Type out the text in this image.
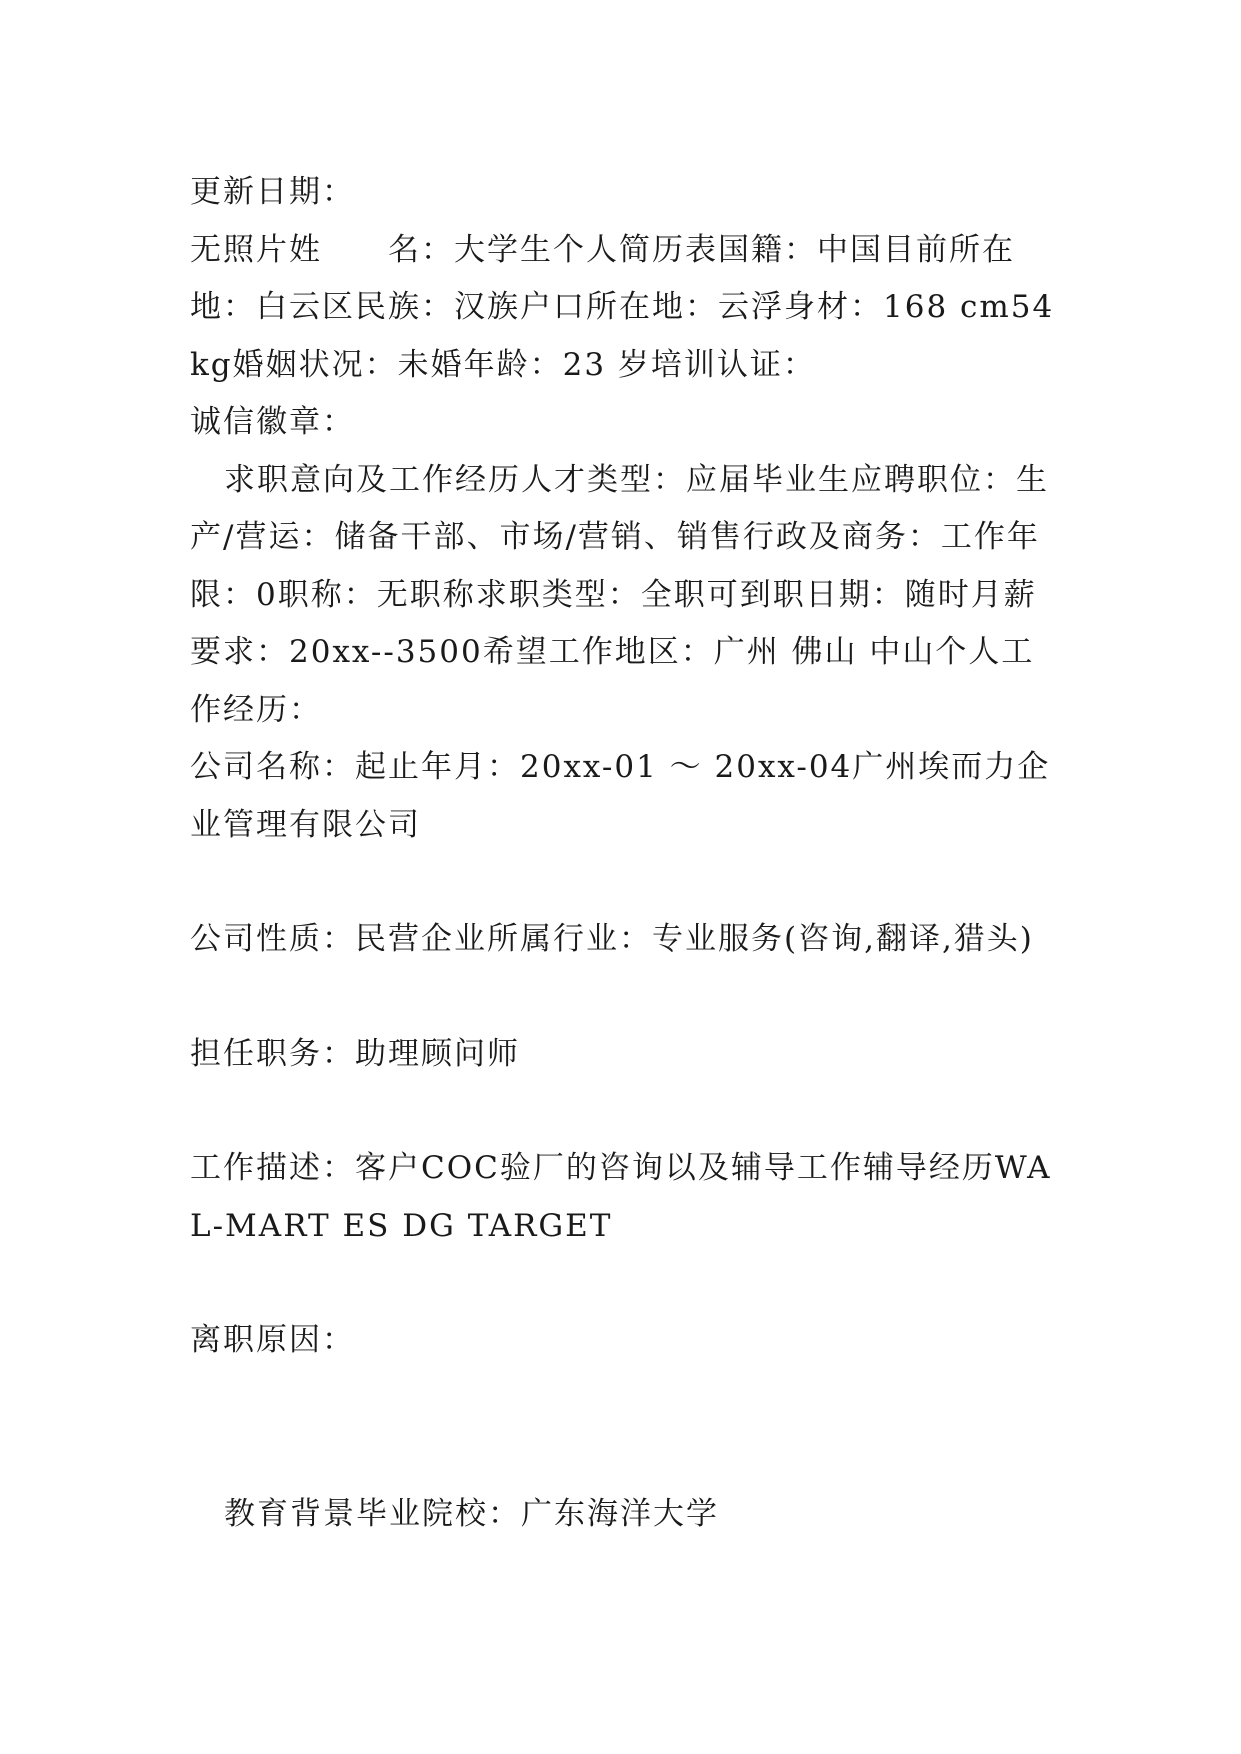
更新日期：

无照片姓　　名：大学生个人简历表国籍：中国目前所在地：白云区民族：汉族户口所在地：云浮身材：168 cm54 kg婚姻状况：未婚年龄：23 岁培训认证：

诚信徽章：

求职意向及工作经历人才类型：应届毕业生应聘职位：生产/营运：储备干部、市场/营销、销售行政及商务：工作年限：0职称：无职称求职类型：全职可到职日期：随时月薪要求：20xx--3500希望工作地区：广州 佛山 中山个人工作经历：

公司名称：起止年月：20xx-01 ～ 20xx-04广州埃而力企业管理有限公司

公司性质：民营企业所属行业：专业服务(咨询,翻译,猎头)

担任职务：助理顾问师

工作描述：客户COC验厂的咨询以及辅导工作辅导经历WAL-MART ES DG TARGET

离职原因：

教育背景毕业院校：广东海洋大学
